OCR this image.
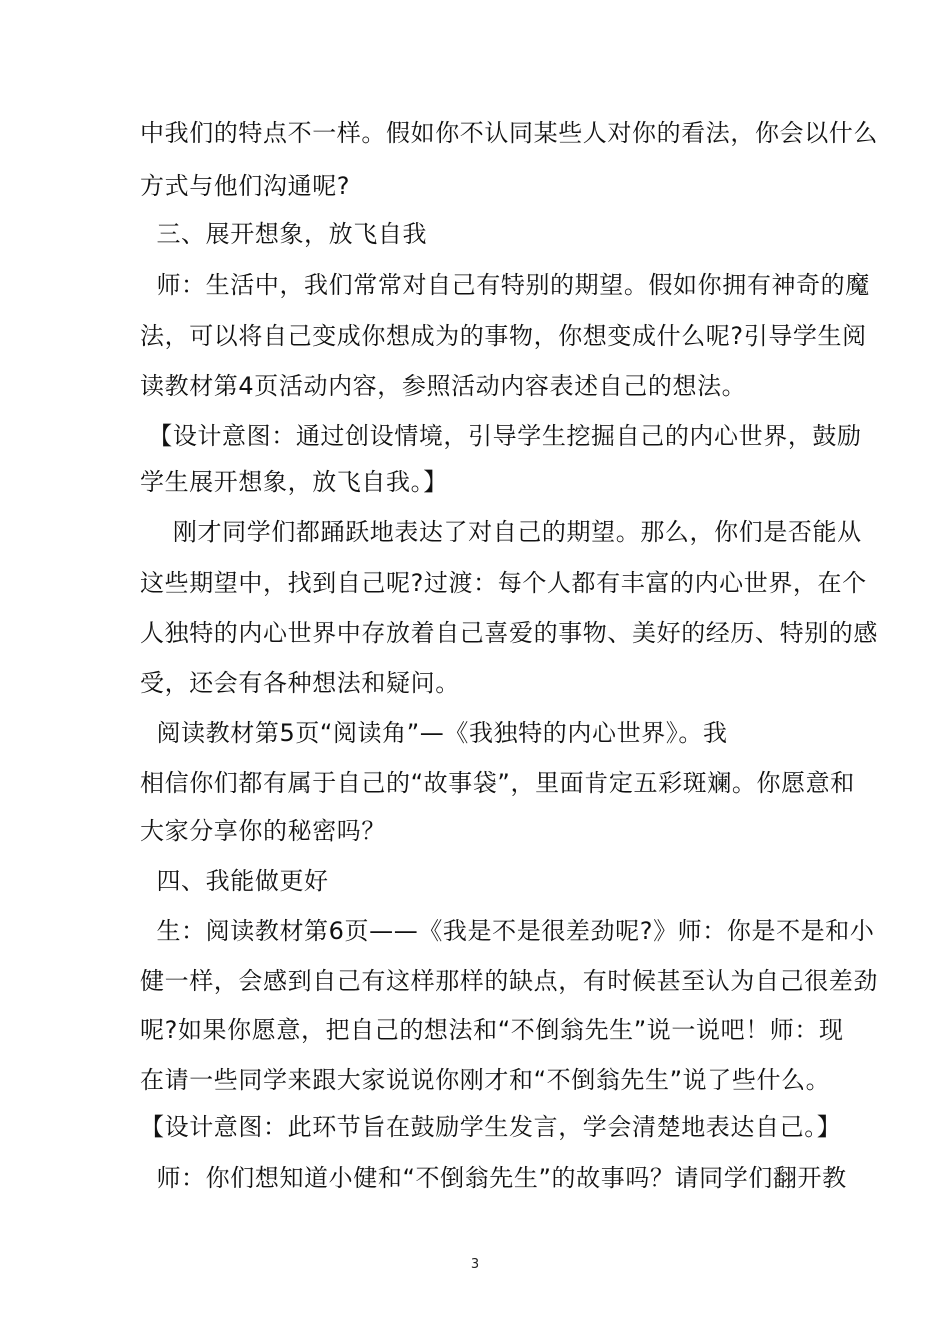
中我们的特点不一样。假如你不认同某些人对你的看法，你会以什么
方式与他们沟通呢?
三、展开想象，放飞自我
师：生活中，我们常常对自己有特别的期望。假如你拥有神奇的魔
法，可以将自己变成你想成为的事物，你想变成什么呢?引导学生阅
读教材第4页活动内容，参照活动内容表述自己的想法。
【设计意图：通过创设情境，引导学生挖掘自己的内心世界，鼓励
学生展开想象，放飞自我。】
刚才同学们都踊跃地表达了对自己的期望。那么，你们是否能从
这些期望中，找到自己呢?过渡：每个人都有丰富的内心世界，在个
人独特的内心世界中存放着自己喜爱的事物、美好的经历、特别的感
受，还会有各种想法和疑问。
阅读教材第5页“阅读角”—《我独特的内心世界》。我
相信你们都有属于自己的“故事袋”，里面肯定五彩斑斓。你愿意和
大家分享你的秘密吗？
四、我能做更好
生：阅读教材第6页——《我是不是很差劲呢?》师：你是不是和小
健一样，会感到自己有这样那样的缺点，有时候甚至认为自己很差劲
呢?如果你愿意，把自己的想法和“不倒翁先生”说一说吧！师：现
在请一些同学来跟大家说说你刚才和“不倒翁先生”说了些什么。
【设计意图：此环节旨在鼓励学生发言，学会清楚地表达自己。】
师：你们想知道小健和“不倒翁先生”的故事吗？请同学们翻开教
3
